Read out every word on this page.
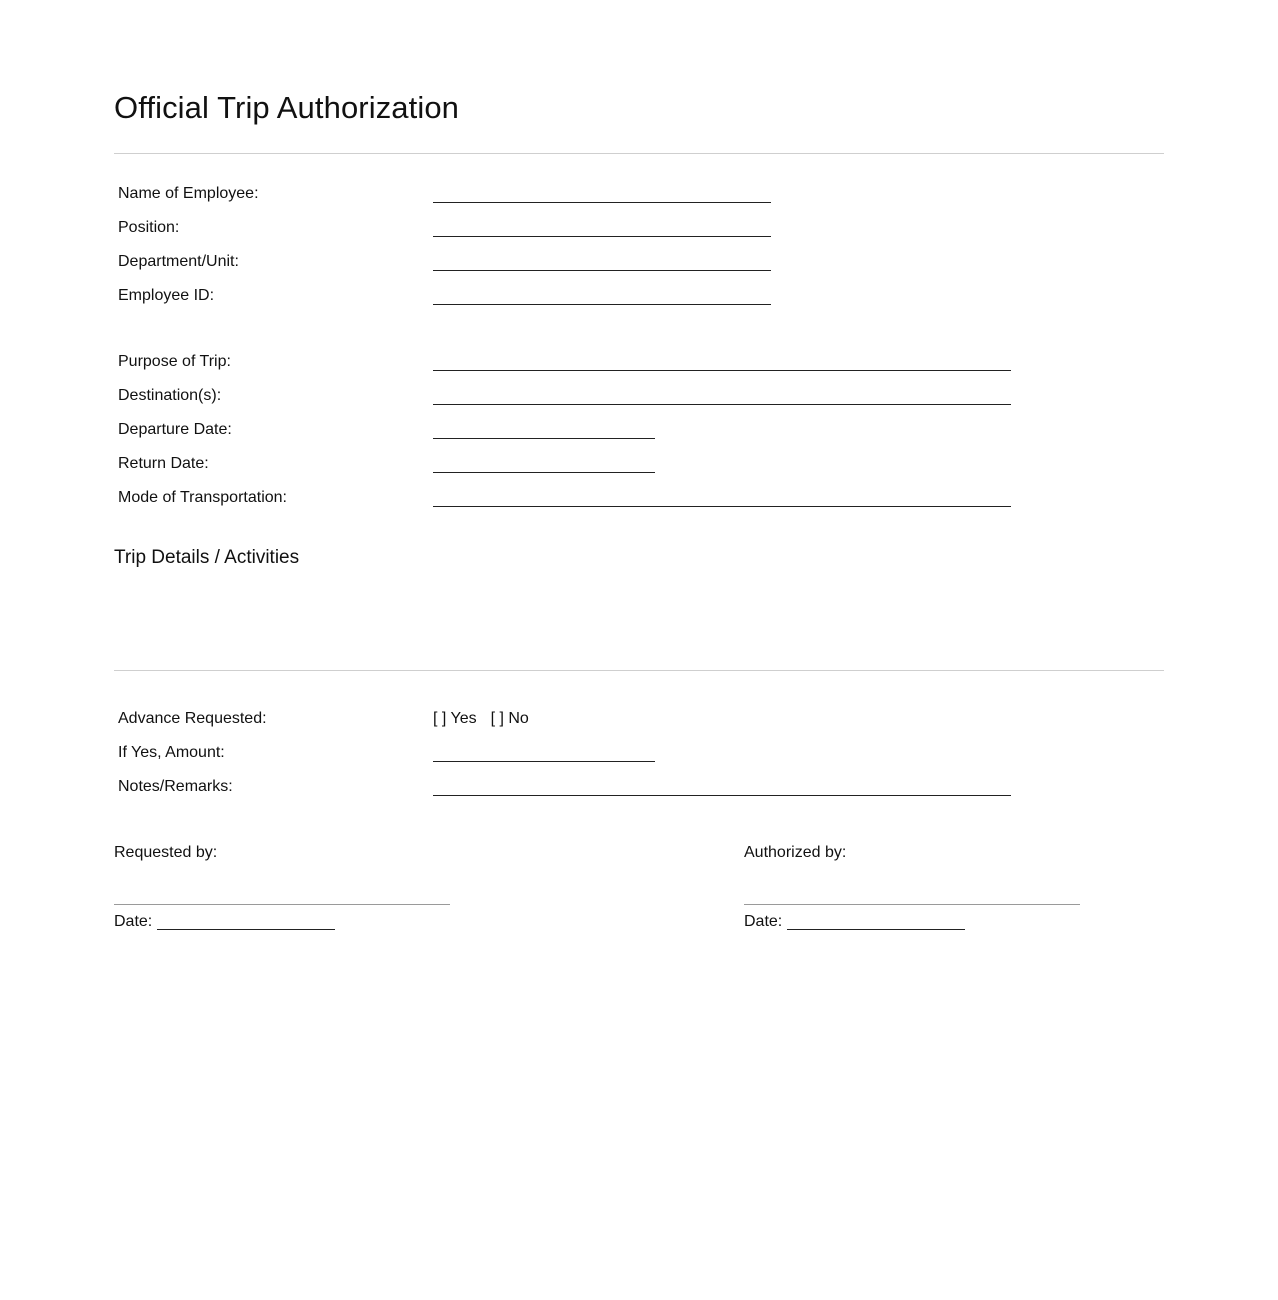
Official Trip Authorization
Name of Employee:
Position:
Department/Unit:
Employee ID:
Purpose of Trip:
Destination(s):
Departure Date:
Return Date:
Mode of Transportation:
Trip Details / Activities
Advance Requested:	[ ] Yes [ ] No
If Yes, Amount:
Notes/Remarks:
Requested by:
Date:
Authorized by:
Date:
